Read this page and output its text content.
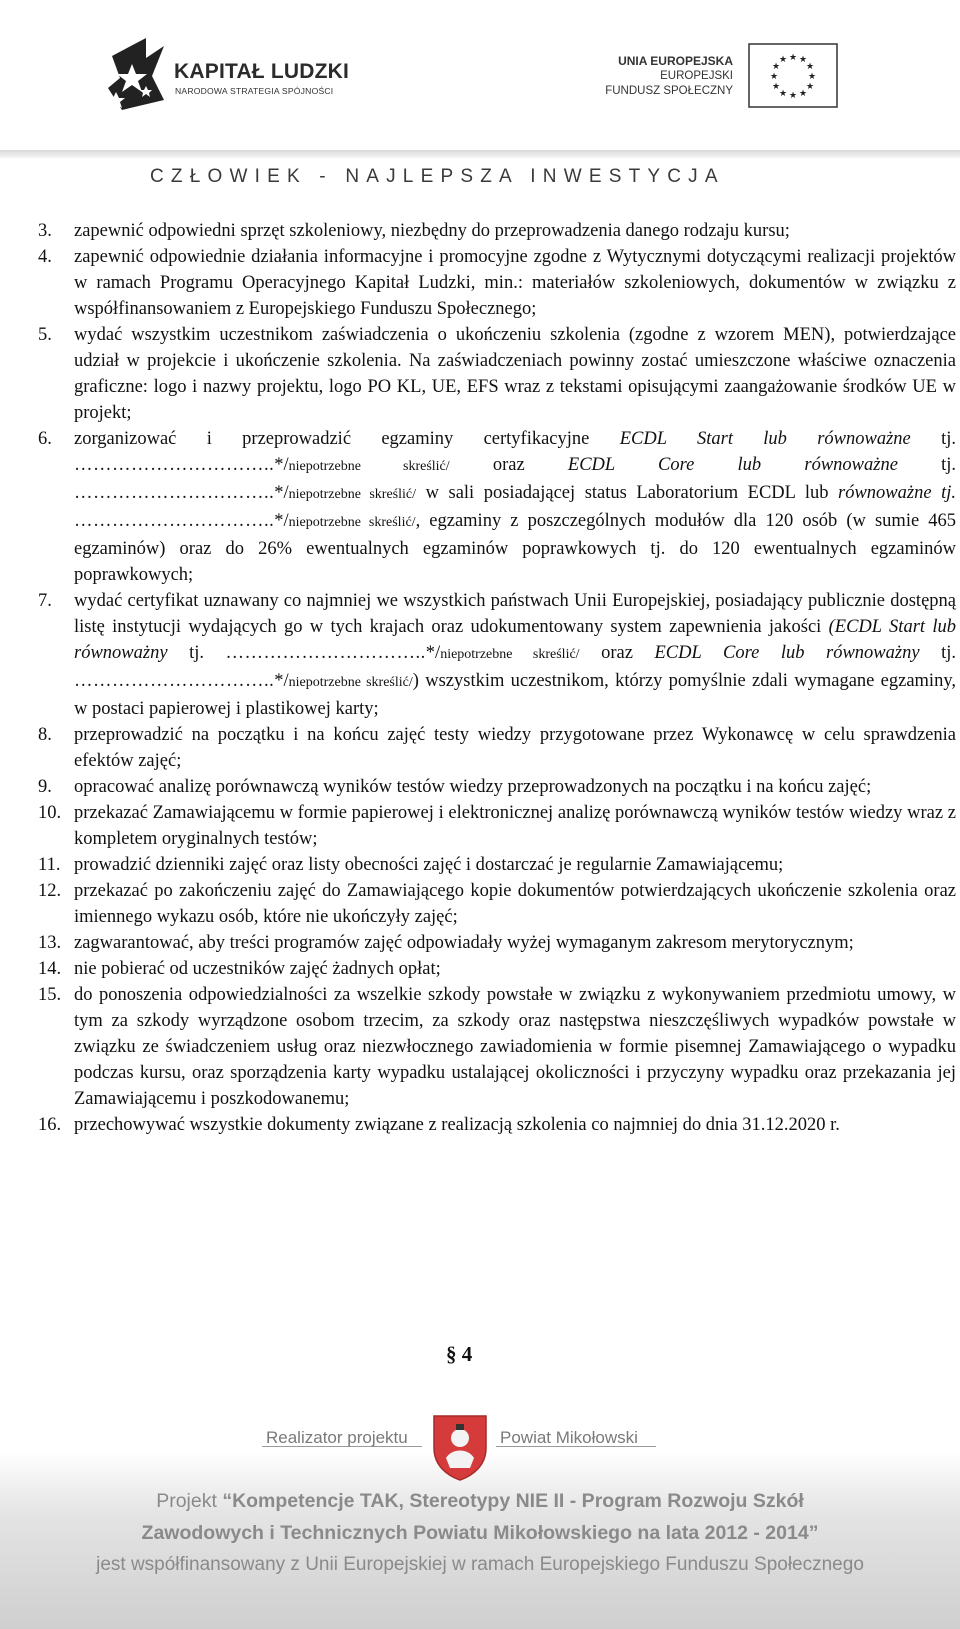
KAPITAŁ LUDZKI
NARODOWA STRATEGIA SPÓJNOŚCI
UNIA EUROPEJSKA
EUROPEJSKI
FUNDUSZ SPOŁECZNY
★ ★
★
★
★
★
★
★
★
★
★
★
CZŁOWIEK - NAJLEPSZA INWESTYCJA
3. zapewnić odpowiedni sprzęt szkoleniowy, niezbędny do przeprowadzenia danego rodzaju kursu;
4. zapewnić odpowiednie działania informacyjne i promocyjne zgodne z Wytycznymi dotyczącymi realizacji projektów w ramach Programu Operacyjnego Kapitał Ludzki, min.: materiałów szkoleniowych, dokumentów w związku z współfinansowaniem z Europejskiego Funduszu Społecznego;
5. wydać wszystkim uczestnikom zaświadczenia o ukończeniu szkolenia (zgodne z wzorem MEN), potwierdzające udział w projekcie i ukończenie szkolenia. Na zaświadczeniach powinny zostać umieszczone właściwe oznaczenia graficzne: logo i nazwy projektu, logo PO KL, UE, EFS wraz z tekstami opisującymi zaangażowanie środków UE w projekt;
6. zorganizować i przeprowadzić egzaminy certyfikacyjne ECDL Start lub równoważne tj. …………………………..*/niepotrzebne skreślić/ oraz ECDL Core lub równoważne tj. …………………………..*/niepotrzebne skreślić/ w sali posiadającej status Laboratorium ECDL lub równoważne tj. …………………………..*/niepotrzebne skreślić/, egzaminy z poszczególnych modułów dla 120 osób (w sumie 465 egzaminów) oraz do 26% ewentualnych egzaminów poprawkowych tj. do 120 ewentualnych egzaminów poprawkowych;
7. wydać certyfikat uznawany co najmniej we wszystkich państwach Unii Europejskiej, posiadający publicznie dostępną listę instytucji wydających go w tych krajach oraz udokumentowany system zapewnienia jakości (ECDL Start lub równoważny tj. …………………………..*/niepotrzebne skreślić/ oraz ECDL Core lub równoważny tj. …………………………..*/niepotrzebne skreślić/) wszystkim uczestnikom, którzy pomyślnie zdali wymagane egzaminy, w postaci papierowej i plastikowej karty;
8. przeprowadzić na początku i na końcu zajęć testy wiedzy przygotowane przez Wykonawcę w celu sprawdzenia efektów zajęć;
9. opracować analizę porównawczą wyników testów wiedzy przeprowadzonych na początku i na końcu zajęć;
10. przekazać Zamawiającemu w formie papierowej i elektronicznej analizę porównawczą wyników testów wiedzy wraz z kompletem oryginalnych testów;
11. prowadzić dzienniki zajęć oraz listy obecności zajęć i dostarczać je regularnie Zamawiającemu;
12. przekazać po zakończeniu zajęć do Zamawiającego kopie dokumentów potwierdzających ukończenie szkolenia oraz imiennego wykazu osób, które nie ukończyły zajęć;
13. zagwarantować, aby treści programów zajęć odpowiadały wyżej wymaganym zakresom merytorycznym;
14. nie pobierać od uczestników zajęć żadnych opłat;
15. do ponoszenia odpowiedzialności za wszelkie szkody powstałe w związku z wykonywaniem przedmiotu umowy, w tym za szkody wyrządzone osobom trzecim, za szkody oraz następstwa nieszczęśliwych wypadków powstałe w związku ze świadczeniem usług oraz niezwłocznego zawiadomienia w formie pisemnej Zamawiającego o wypadku podczas kursu, oraz sporządzenia karty wypadku ustalającej okoliczności i przyczyny wypadku oraz przekazania jej Zamawiającemu i poszkodowanemu;
16. przechowywać wszystkie dokumenty związane z realizacją szkolenia co najmniej do dnia 31.12.2020 r.
§ 4
Realizator projektu	Powiat Mikołowski
Projekt “Kompetencje TAK, Stereotypy NIE II - Program Rozwoju Szkół
Zawodowych i Technicznych Powiatu Mikołowskiego na lata 2012 - 2014”
jest współfinansowany z Unii Europejskiej w ramach Europejskiego Funduszu Społecznego
